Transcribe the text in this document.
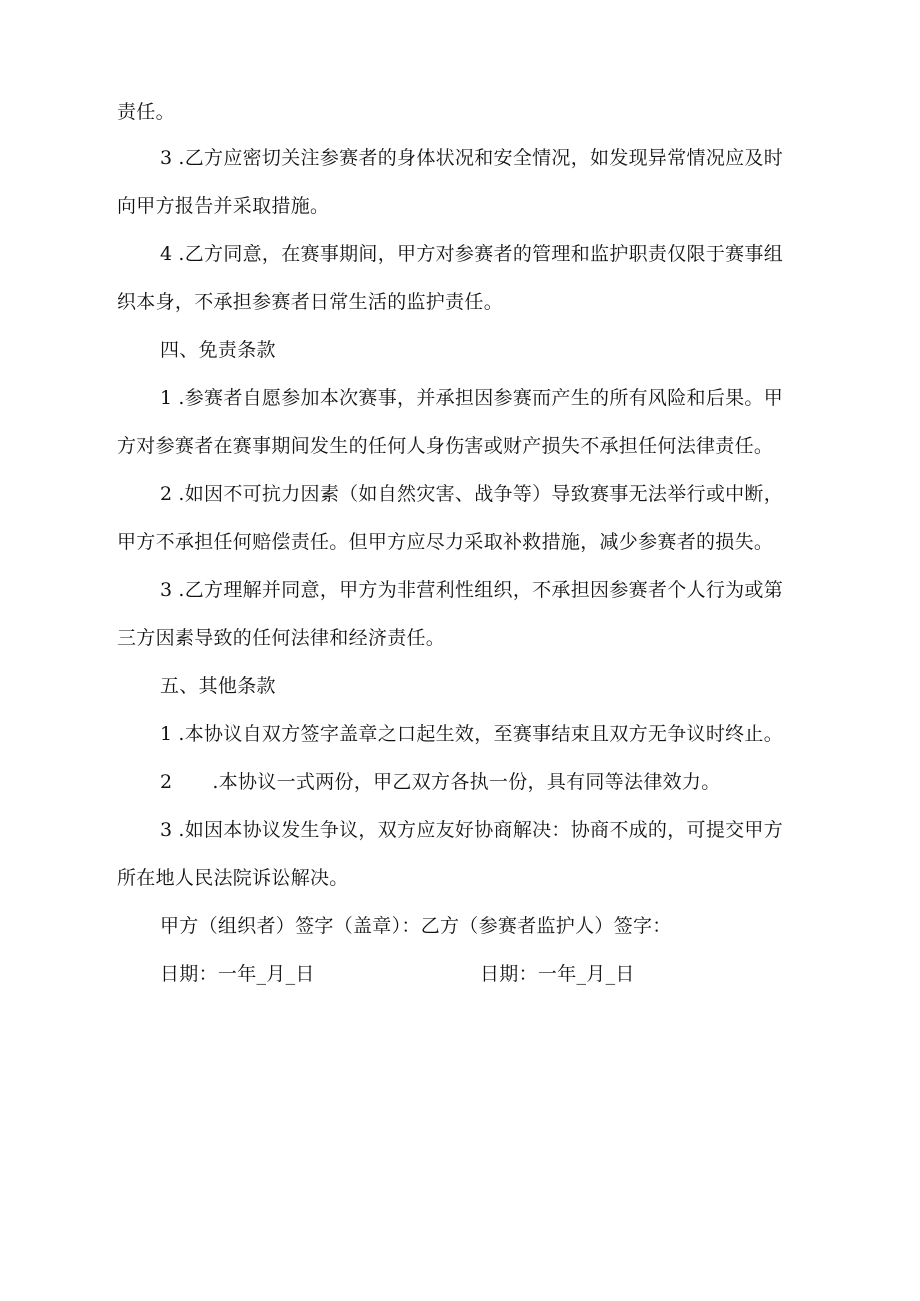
责任。
3 .乙方应密切关注参赛者的身体状况和安全情况，如发现异常情况应及时
向甲方报告并采取措施。
4 .乙方同意，在赛事期间，甲方对参赛者的管理和监护职责仅限于赛事组
织本身，不承担参赛者日常生活的监护责任。
四、免责条款
1 .参赛者自愿参加本次赛事，并承担因参赛而产生的所有风险和后果。甲
方对参赛者在赛事期间发生的任何人身伤害或财产损失不承担任何法律责任。
2 .如因不可抗力因素（如自然灾害、战争等）导致赛事无法举行或中断，
甲方不承担任何赔偿责任。但甲方应尽力采取补救措施，减少参赛者的损失。
3 .乙方理解并同意，甲方为非营利性组织，不承担因参赛者个人行为或第
三方因素导致的任何法律和经济责任。
五、其他条款
1 .本协议自双方签字盖章之口起生效，至赛事结束且双方无争议时终止。
2 .本协议一式两份，甲乙双方各执一份，具有同等法律效力。
3 .如因本协议发生争议，双方应友好协商解决：协商不成的，可提交甲方
所在地人民法院诉讼解决。
甲方（组织者）签字（盖章）：乙方（参赛者监护人）签字：
日期：一年_月_日	日期：一年_月_日
